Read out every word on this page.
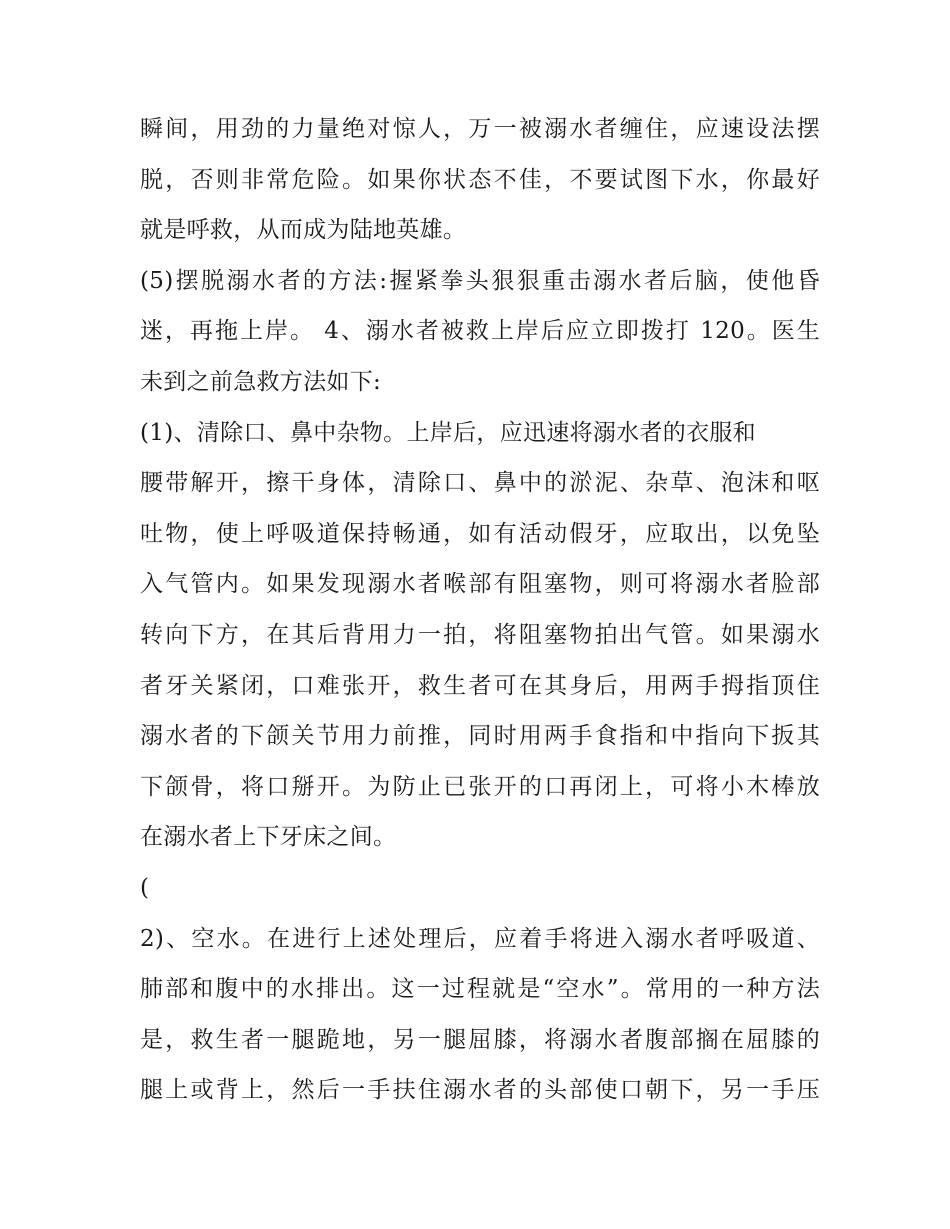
瞬间，用劲的力量绝对惊人，万一被溺水者缠住，应速设法摆
脱，否则非常危险。如果你状态不佳，不要试图下水，你最好
就是呼救，从而成为陆地英雄。
(5)摆脱溺水者的方法:握紧拳头狠狠重击溺水者后脑，使他昏
迷，再拖上岸。 4、溺水者被救上岸后应立即拨打 120。医生
未到之前急救方法如下:
(1)、清除口、鼻中杂物。上岸后，应迅速将溺水者的衣服和
腰带解开，擦干身体，清除口、鼻中的淤泥、杂草、泡沫和呕
吐物，使上呼吸道保持畅通，如有活动假牙，应取出，以免坠
入气管内。如果发现溺水者喉部有阻塞物，则可将溺水者脸部
转向下方，在其后背用力一拍，将阻塞物拍出气管。如果溺水
者牙关紧闭，口难张开，救生者可在其身后，用两手拇指顶住
溺水者的下颌关节用力前推，同时用两手食指和中指向下扳其
下颌骨，将口掰开。为防止已张开的口再闭上，可将小木棒放
在溺水者上下牙床之间。
(
2)、空水。在进行上述处理后，应着手将进入溺水者呼吸道、
肺部和腹中的水排出。这一过程就是“空水”。常用的一种方法
是，救生者一腿跪地，另一腿屈膝，将溺水者腹部搁在屈膝的
腿上或背上，然后一手扶住溺水者的头部使口朝下，另一手压
